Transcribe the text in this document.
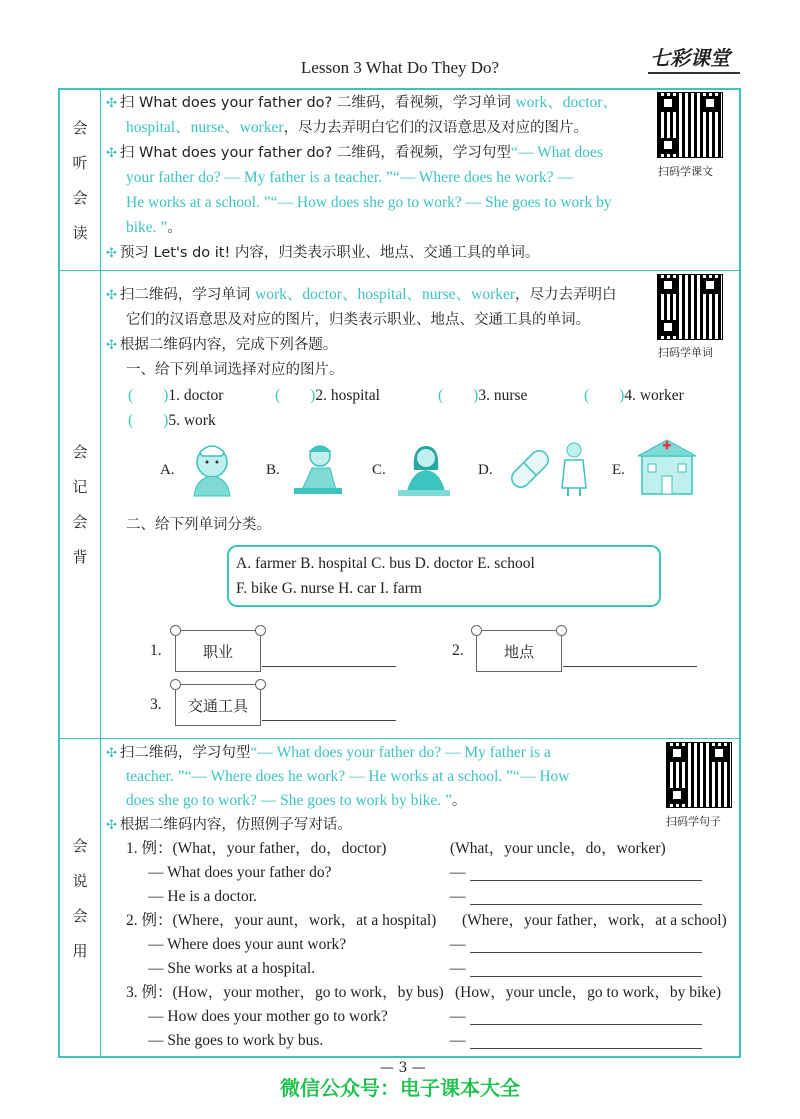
Lesson 3 What Do They Do?	七彩课堂
会
听
会
读
会
记
会
背
会
说
会
用
✣ 扫 What does your father do? 二维码，看视频，学习单词 work、doctor、
hospital、nurse、worker，尽力去弄明白它们的汉语意思及对应的图片。
✣ 扫 What does your father do? 二维码，看视频，学习句型“— What does
your father do? — My father is a teacher. ”“— Where does he work? —
He works at a school. ”“— How does she go to work? — She goes to work by
bike. ”。
✣ 预习 Let's do it! 内容，归类表示职业、地点、交通工具的单词。
扫码学课文
扫码学单词
✣ 扫二维码，学习单词 work、doctor、hospital、nurse、worker，尽力去弄明白
它们的汉语意思及对应的图片，归类表示职业、地点、交通工具的单词。
✣ 根据二维码内容，完成下列各题。
一、给下列单词选择对应的图片。
( )1. doctor	( )2. hospital	( )3. nurse	( )4. worker
( )5. work
A.	B.	C.	D.	E.
二、给下列单词分类。
A. farmer B. hospital C. bus D. doctor E. school
F. bike G. nurse H. car I. farm
1.	职业	2.	地点
3.	交通工具
扫码学句子
✣ 扫二维码，学习句型“— What does your father do? — My father is a
teacher. ”“— Where does he work? — He works at a school. ”“— How
does she go to work? — She goes to work by bike. ”。
✣ 根据二维码内容，仿照例子写对话。
1. 例：(What，your father，do，doctor)	(What，your uncle，do，worker)
— What does your father do?
— He is a doctor.
—
—
2. 例：(Where，your aunt，work，at a hospital) (Where，your father，work，at a school)
— Where does your aunt work?
— She works at a hospital.
—
—
3. 例：(How，your mother，go to work，by bus) (How，your uncle，go to work，by bike)
— How does your mother go to work?
— She goes to work by bus.
—
—
— 3 —
微信公众号：电子课本大全
